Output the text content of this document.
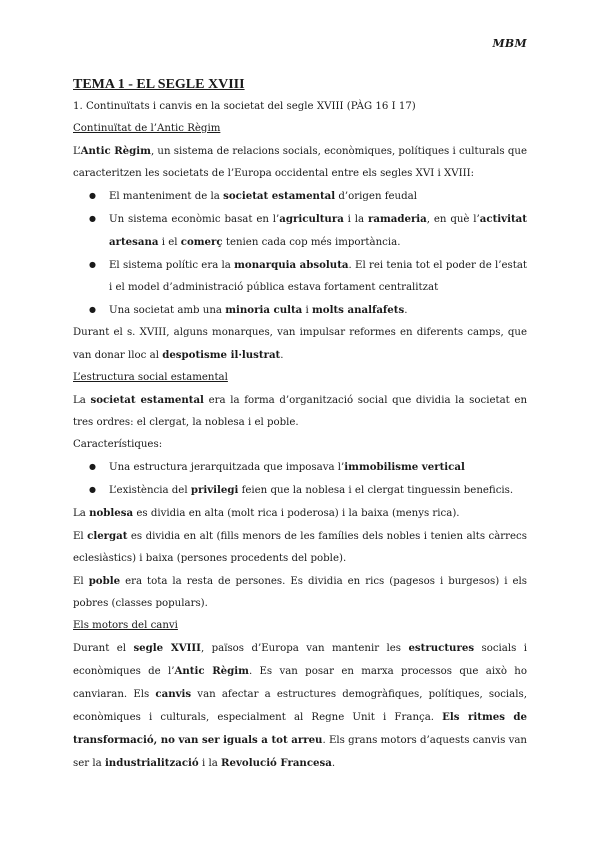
MBM

TEMA 1 - EL SEGLE XVIII

1. Continuïtats i canvis en la societat del segle XVIII (PÀG 16 I 17)

Continuïtat de l’Antic Règim

L’Antic Règim, un sistema de relacions socials, econòmiques, polítiques i culturals que caracteritzen les societats de l’Europa occidental entre els segles XVI i XVIII:

● El manteniment de la societat estamental d’origen feudal
● Un sistema econòmic basat en l’agricultura i la ramaderia, en què l’activitat artesana i el comerç tenien cada cop més importància.
● El sistema polític era la monarquia absoluta. El rei tenia tot el poder de l’estat i el model d’administració pública estava fortament centralitzat
● Una societat amb una minoria culta i molts analfafets.

Durant el s. XVIII, alguns monarques, van impulsar reformes en diferents camps, que van donar lloc al despotisme il·lustrat.

L’estructura social estamental

La societat estamental era la forma d’organització social que dividia la societat en tres ordres: el clergat, la noblesa i el poble.

Característiques:

● Una estructura jerarquitzada que imposava l’immobilisme vertical
● L’existència del privilegi feien que la noblesa i el clergat tinguessin beneficis.

La noblesa es dividia en alta (molt rica i poderosa) i la baixa (menys rica).

El clergat es dividia en alt (fills menors de les famílies dels nobles i tenien alts càrrecs eclesiàstics) i baixa (persones procedents del poble).

El poble era tota la resta de persones. Es dividia en rics (pagesos i burgesos) i els pobres (classes populars).

Els motors del canvi

Durant el segle XVIII, països d’Europa van mantenir les estructures socials i econòmiques de l’Antic Règim. Es van posar en marxa processos que això ho canviaran. Els canvis van afectar a estructures demogràfiques, polítiques, socials, econòmiques i culturals, especialment al Regne Unit i França. Els ritmes de transformació, no van ser iguals a tot arreu. Els grans motors d’aquests canvis van ser la industrialització i la Revolució Francesa.
